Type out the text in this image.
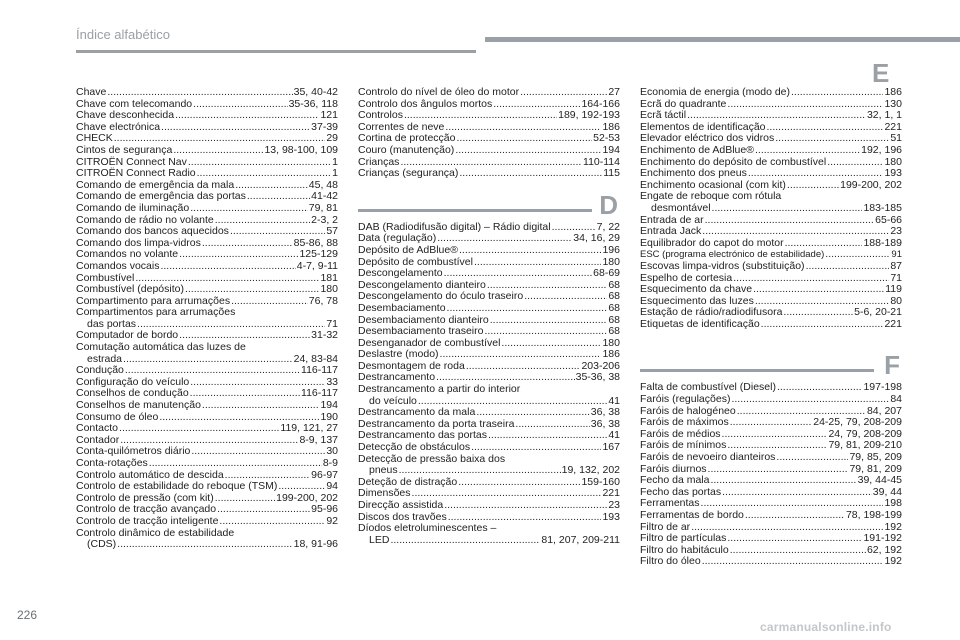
Índice alfabético
E
Chave .....	35, 40-42
Chave com telecomando .....	35-36, 118
Chave desconhecida .....	121
Chave electrónica .....	37-39
CHECK .....	29
Cintos de segurança .....	13, 98-100, 109
CITROËN Connect Nav .....	1
CITROËN Connect Radio .....	1
Comando de emergência da mala .....	45, 48
Comando de emergência das portas .....	41-42
Comando de iluminação .....	79, 81
Comando de rádio no volante .....	2-3, 2
Comando dos bancos aquecidos .....	57
Comando dos limpa-vidros .....	85-86, 88
Comandos no volante .....	125-129
Comandos vocais .....	4-7, 9-11
Combustível .....	181
Combustível (depósito) .....	180
Compartimento para arrumações .....	76, 78
Compartimentos para arrumações
das portas .....	71
Computador de bordo .....	31-32
Comutação automática das luzes de
estrada .....	24, 83-84
Condução .....	116-117
Configuração do veículo .....	33
Conselhos de condução .....	116-117
Conselhos de manutenção .....	194
Consumo de óleo .....	190
Contacto .....	119, 121, 27
Contador .....	8-9, 137
Conta-quilómetros diário .....	30
Conta-rotações .....	8-9
Controlo automático de descida .....	96-97
Controlo de estabilidade do reboque (TSM) .....	94
Controlo de pressão (com kit) .....	199-200, 202
Controlo de tracção avançado .....	95-96
Controlo de tracção inteligente .....	92
Controlo dinâmico de estabilidade
(CDS) .....	18, 91-96
Controlo do nível de óleo do motor .....	27
Controlo dos ângulos mortos .....	164-166
Controlos .....	189, 192-193
Correntes de neve .....	186
Cortina de protecção .....	52-53
Couro (manutenção) .....	194
Crianças .....	110-114
Crianças (segurança) .....	115
D
DAB (Radiodifusão digital) – Rádio digital .....	7, 22
Data (regulação) .....	34, 16, 29
Depósito de AdBlue® .....	196
Depósito de combustível .....	180
Descongelamento .....	68-69
Descongelamento dianteiro .....	68
Descongelamento do óculo traseiro .....	68
Desembaciamento .....	68
Desembaciamento dianteiro .....	68
Desembaciamento traseiro .....	68
Desenganador de combustível .....	180
Deslastre (modo) .....	186
Desmontagem de roda .....	203-206
Destrancamento .....	35-36, 38
Destrancamento a partir do interior
do veículo .....	41
Destrancamento da mala .....	36, 38
Destrancamento da porta traseira .....	36, 38
Destrancamento das portas .....	41
Detecção de obstáculos .....	167
Detecção de pressão baixa dos
pneus .....	19, 132, 202
Deteção de distração .....	159-160
Dimensões .....	221
Direcção assistida .....	23
Discos dos travões .....	193
Díodos eletroluminescentes –
LED .....	81, 207, 209-211
Economia de energia (modo de) .....	186
Ecrã do quadrante .....	130
Ecrã táctil .....	32, 1, 1
Elementos de identificação .....	221
Elevador eléctrico dos vidros .....	51
Enchimento de AdBlue® .....	192, 196
Enchimento do depósito de combustível .....	180
Enchimento dos pneus .....	193
Enchimento ocasional (com kit) .....	199-200, 202
Engate de reboque com rótula
desmontável .....	183-185
Entrada de ar .....	65-66
Entrada Jack .....	23
Equilibrador do capot do motor .....	188-189
ESC (programa electrónico de estabilidade) .....	91
Escovas limpa-vidros (substituição) .....	87
Espelho de cortesia .....	71
Esquecimento da chave .....	119
Esquecimento das luzes .....	80
Estação de rádio/radiodifusora .....	5-6, 20-21
Etiquetas de identificação .....	221
F
Falta de combustível (Diesel) .....	197-198
Faróis (regulações) .....	84
Faróis de halogéneo .....	84, 207
Faróis de máximos .....	24-25, 79, 208-209
Faróis de médios .....	24, 79, 208-209
Faróis de mínimos .....	79, 81, 209-210
Faróis de nevoeiro dianteiros .....	79, 85, 209
Faróis diurnos .....	79, 81, 209
Fecho da mala .....	39, 44-45
Fecho das portas .....	39, 44
Ferramentas .....	198
Ferramentas de bordo .....	78, 198-199
Filtro de ar .....	192
Filtro de partículas .....	191-192
Filtro do habitáculo .....	62, 192
Filtro do óleo .....	192
226
carmanualsonline.info
